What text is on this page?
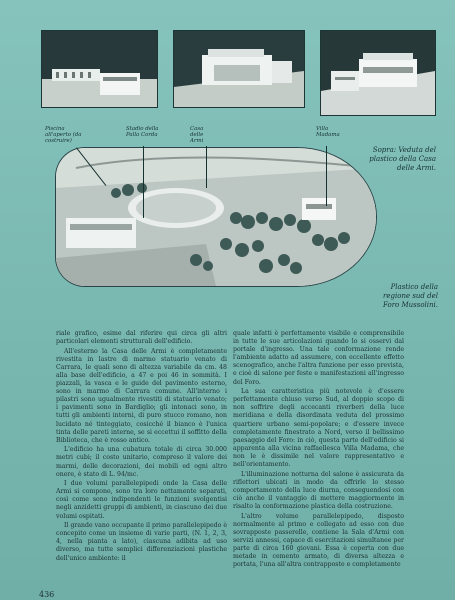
Piscina all'aperto (da costruire)
Stadio della Palla Corda
Casa delle Armi
Villa Madama
Sopra: Veduta del plastico della Casa delle Armi.
Plastico della regione sud del Foro Mussolini.

riale grafico, esime dal riferire qui circa gli altri particolari elementi strutturali dell'edificio.

All'esterno la Casa delle Armi è completamente rivestita in lastre di marmo statuario venato di Carrara, le quali sono di altezza variabile da cm. 48 alla base dell'edificio, a 47 e poi 46 in sommità. I piazzali, la vasca e le guide del pavimento esterno, sono in marmo di Carrara comune. All'interno i pilastri sono ugualmente rivestiti di statuario venato; i pavimenti sono in Bardiglio; gli intonaci sono, in tutti gli ambienti interni, di puro stucco romano, non lucidato né tinteggiato, cosicché il bianco è l'unica tinta delle pareti interne, se si eccettui il soffitto della Biblioteca, che è rosso antico.

L'edificio ha una cubatura totale di circa 30.000 metri cubi; il costo unitario, compreso il valore dei marmi, delle decorazioni, dei mobili ed ogni altro onere, è stato di L. 94/mc.

I due volumi parallelepipedi onde la Casa delle Armi si compone, sono tra loro nettamente separati, così come sono indipendenti le funzioni svolgentisi negli anzidetti gruppi di ambienti, in ciascuno dei due volumi ospitati.

Il grande vano occupante il primo parallelepipedo è concepito come un insieme di varie parti, (N. 1, 2, 3, 4, nella pianta a lato), ciascuna adibita ad uso diverso, ma tutte semplici differenziazioni plastiche dell'unico ambiente: il

quale infatti è perfettamente visibile e comprensibile in tutte le sue articolazioni quando lo si osservi dal portale d'ingresso. Una tale conformazione rende l'ambiente adatto ad assumere, con eccellente effetto scenografico, anche l'altra funzione per esso prevista, e cioè di salone per feste e manifestazioni all'ingresso del Foro.

La sua caratteristica più notevole è d'essere perfettamente chiuso verso Sud, al doppio scopo di non soffrire degli accecanti riverberi della luce meridiana e della disordinata veduta del prossimo quartiere urbano semi-popolare; e d'essere invece completamente finestrato a Nord, verso il bellissimo paesaggio del Foro: in ciò, questa parte dell'edificio si apparenta alla vicina raffaellesca Villa Madama, che non le è dissimile nel valore rappresentativo e nell'orientamento.

L'illuminazione notturna del salone è assicurata da riflettori ubicati in modo da offrirle lo stesso comportamento della luce diurna, conseguendosi con ciò anche il vantaggio di mettere maggiormente in risalto la conformazione plastica della costruzione.

L'altro volume parallelepipedo, disposto normalmente al primo e collegato ad esso con due sovrapposte passerelle, contiene la Sala d'Armi con servizi annessi, capace di esercitazioni simultanee per parte di circa 160 giovani. Essa è coperta con due metade in cemento armato, di diversa altezza e portata, l'una all'altra contrapposte e completamente

436
